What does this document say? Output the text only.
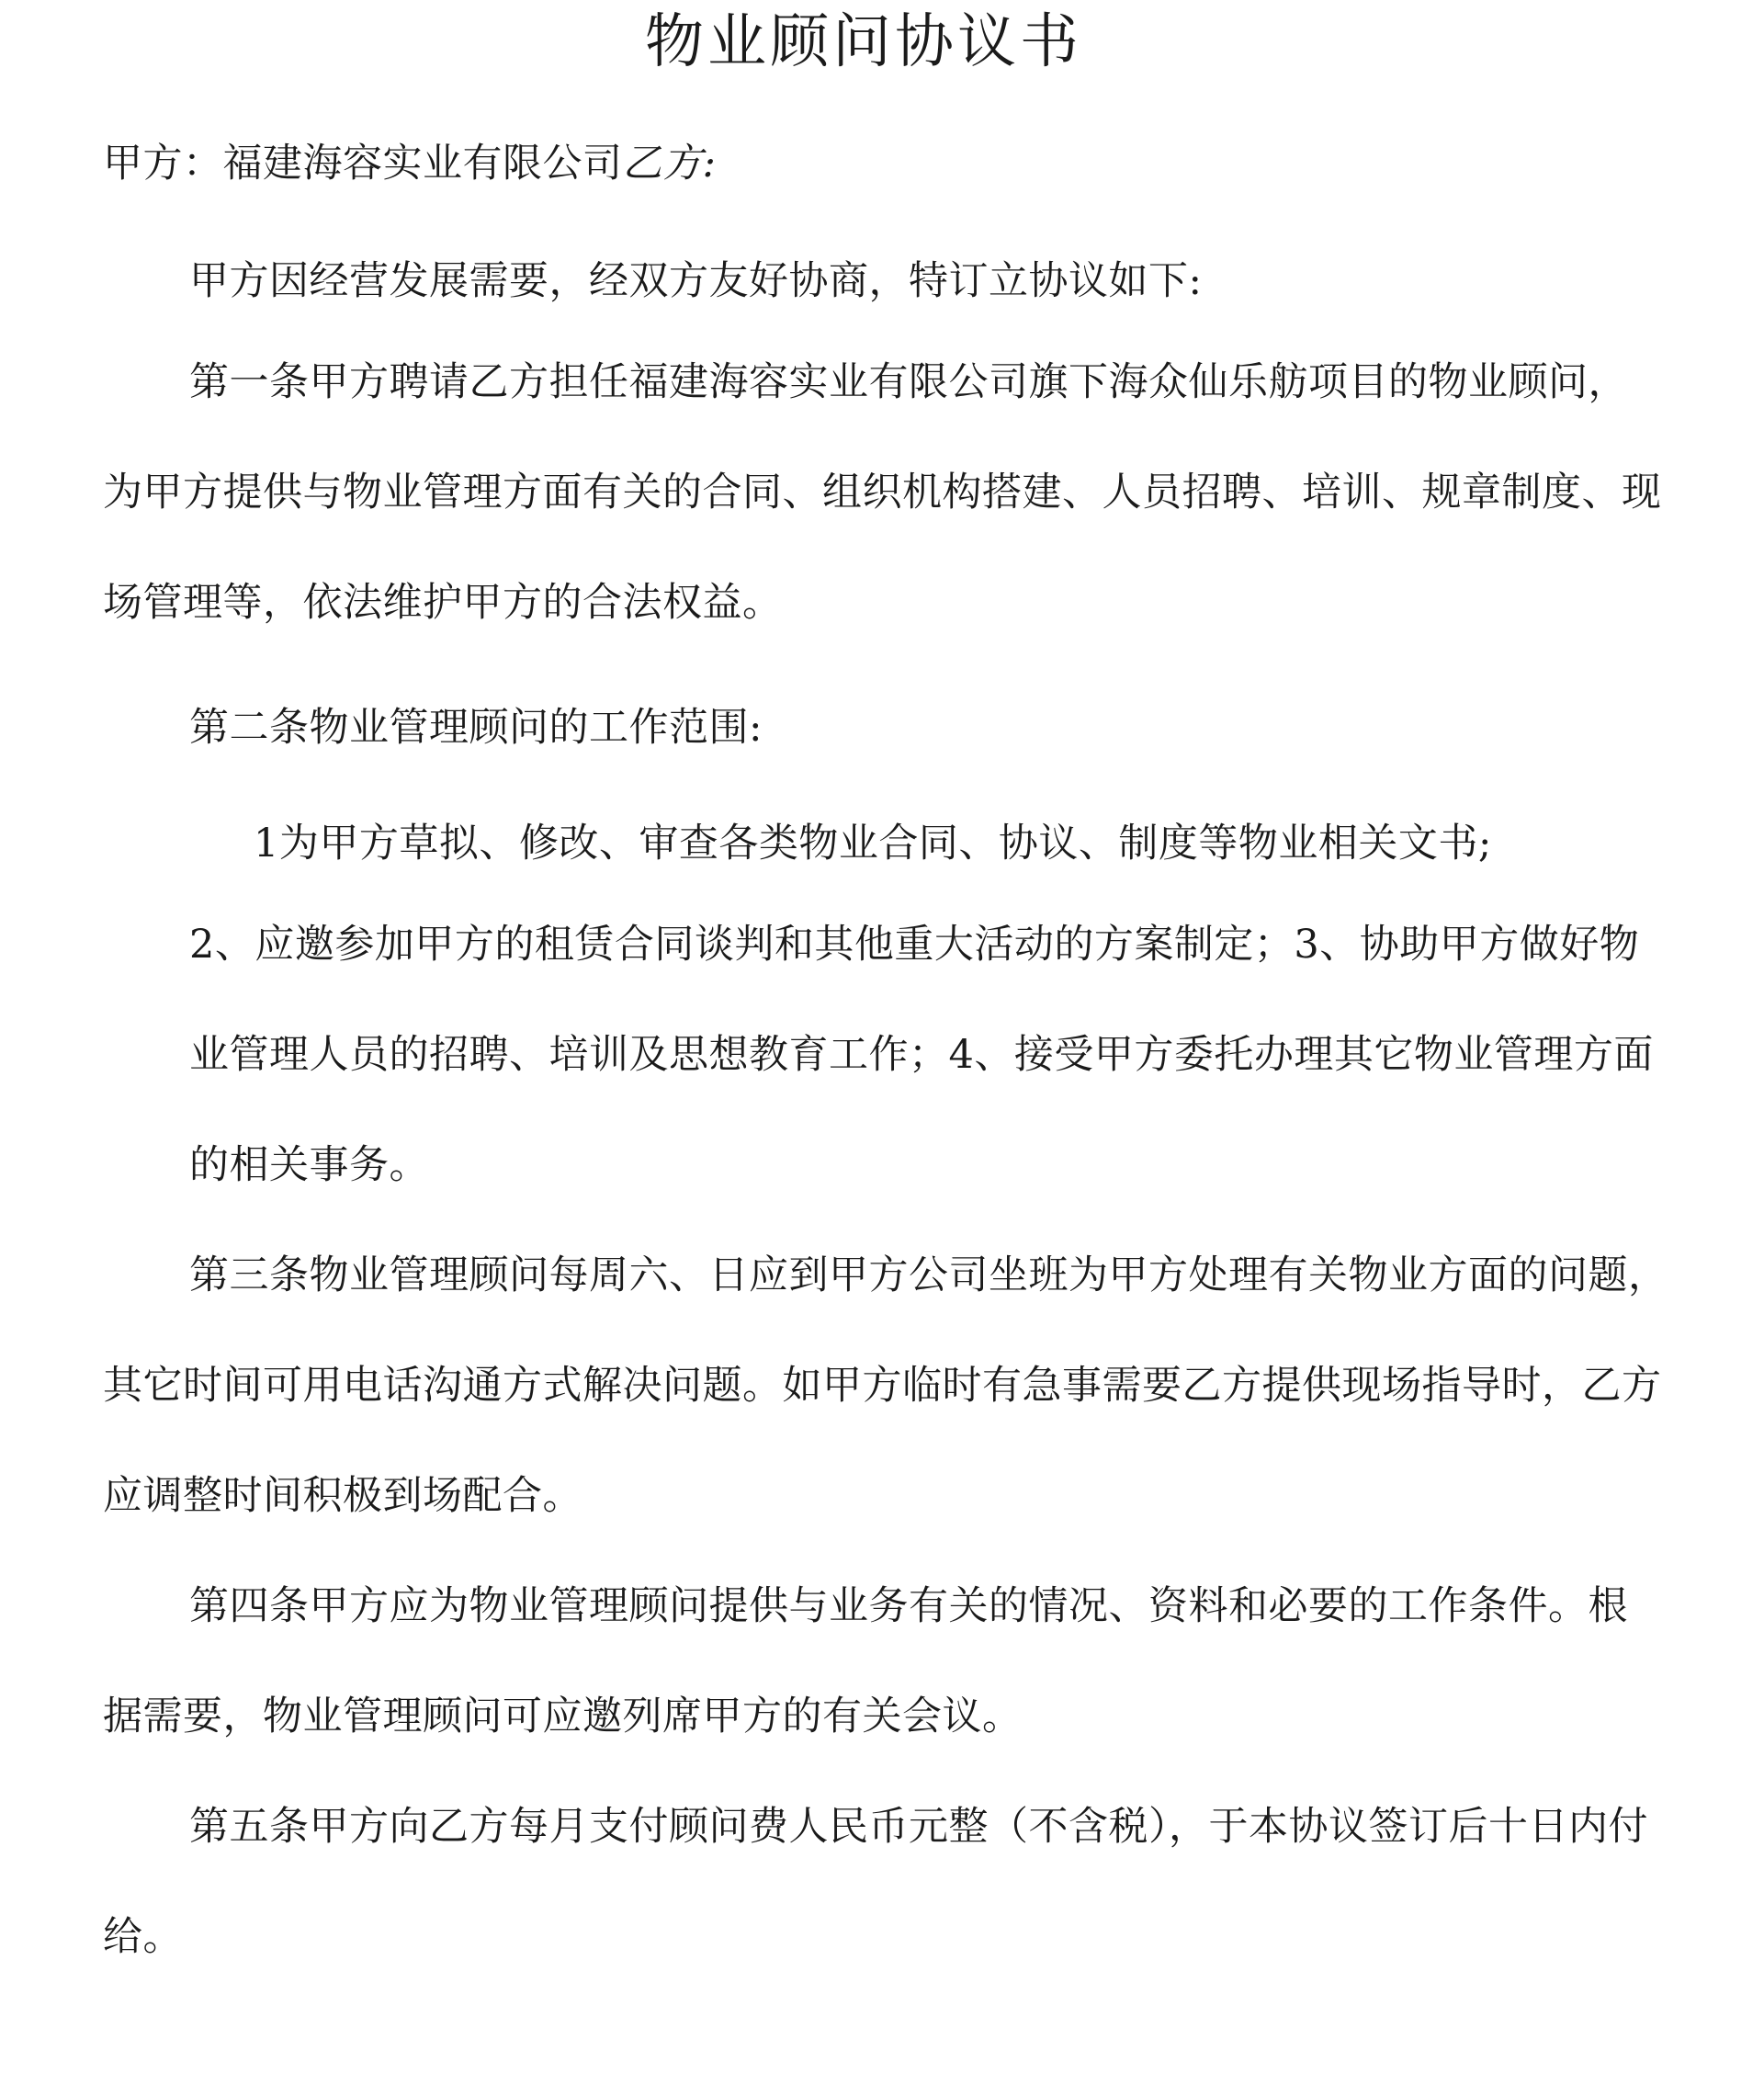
物业顾问协议书
甲方：福建海容实业有限公司乙方:
甲方因经营发展需要，经双方友好协商，特订立协议如下:
第一条甲方聘请乙方担任福建海容实业有限公司旗下海众仙乐舫项目的物业顾问，
为甲方提供与物业管理方面有关的合同、组织机构搭建、人员招聘、培训、规章制度、现
场管理等，依法维护甲方的合法权益。
第二条物业管理顾问的工作范围:
1为甲方草拟、修改、审查各类物业合同、协议、制度等物业相关文书;
2、应邀参加甲方的租赁合同谈判和其他重大活动的方案制定；3、协助甲方做好物
业管理人员的招聘、培训及思想教育工作；4、接受甲方委托办理其它物业管理方面
的相关事务。
第三条物业管理顾问每周六、日应到甲方公司坐班为甲方处理有关物业方面的问题，
其它时间可用电话沟通方式解决问题。如甲方临时有急事需要乙方提供现场指导时，乙方
应调整时间积极到场配合。
第四条甲方应为物业管理顾问提供与业务有关的情况、资料和必要的工作条件。根
据需要，物业管理顾问可应邀列席甲方的有关会议。
第五条甲方向乙方每月支付顾问费人民币元整（不含税），于本协议签订后十日内付
给。
